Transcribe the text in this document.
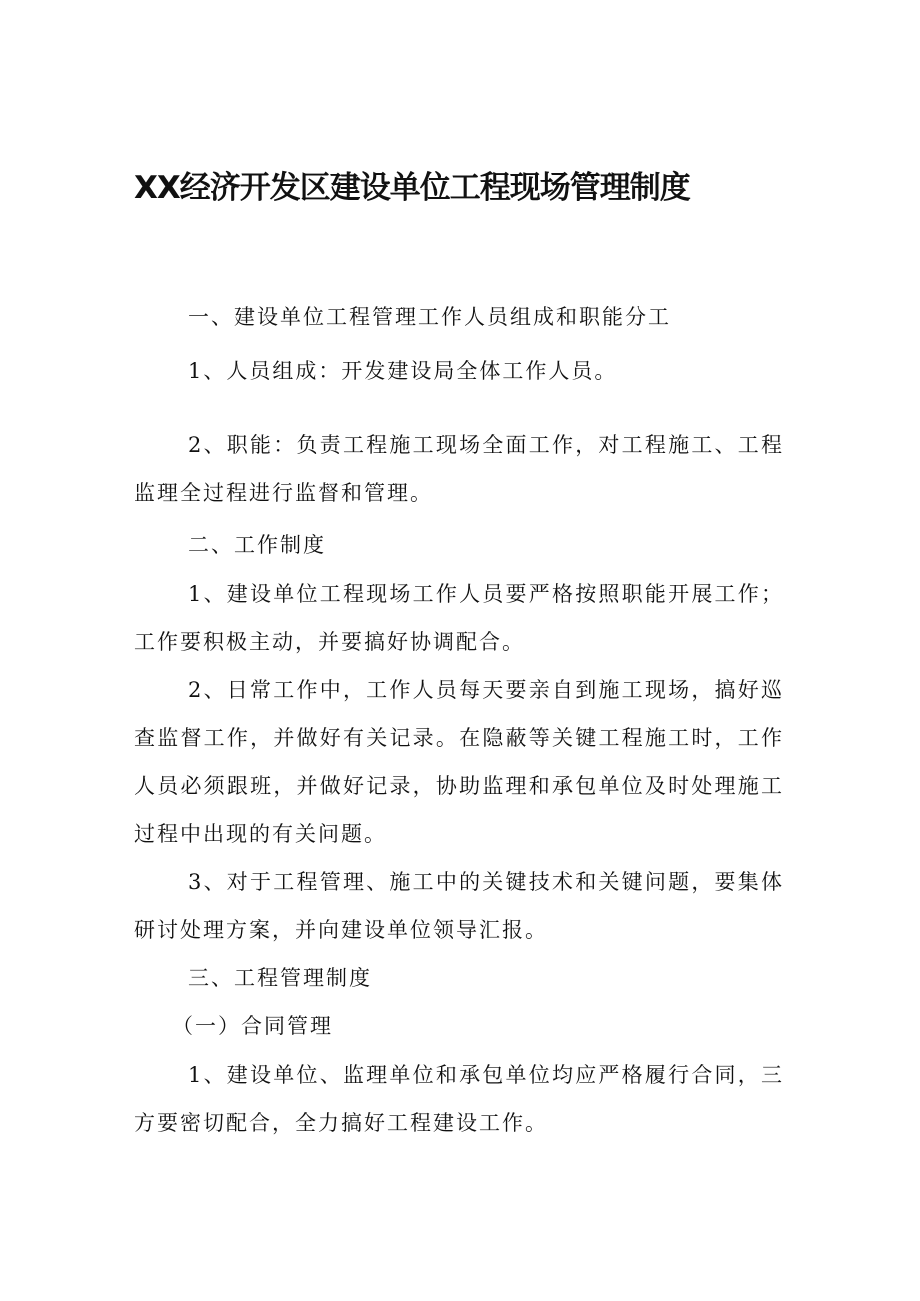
XX经济开发区建设单位工程现场管理制度

一、建设单位工程管理工作人员组成和职能分工

1、人员组成：开发建设局全体工作人员。

2、职能：负责工程施工现场全面工作，对工程施工、工程监理全过程进行监督和管理。

二、工作制度

1、建设单位工程现场工作人员要严格按照职能开展工作；工作要积极主动，并要搞好协调配合。

2、日常工作中，工作人员每天要亲自到施工现场，搞好巡查监督工作，并做好有关记录。在隐蔽等关键工程施工时，工作人员必须跟班，并做好记录，协助监理和承包单位及时处理施工过程中出现的有关问题。

3、对于工程管理、施工中的关键技术和关键问题，要集体研讨处理方案，并向建设单位领导汇报。

三、工程管理制度

（一）合同管理

1、建设单位、监理单位和承包单位均应严格履行合同，三方要密切配合，全力搞好工程建设工作。
